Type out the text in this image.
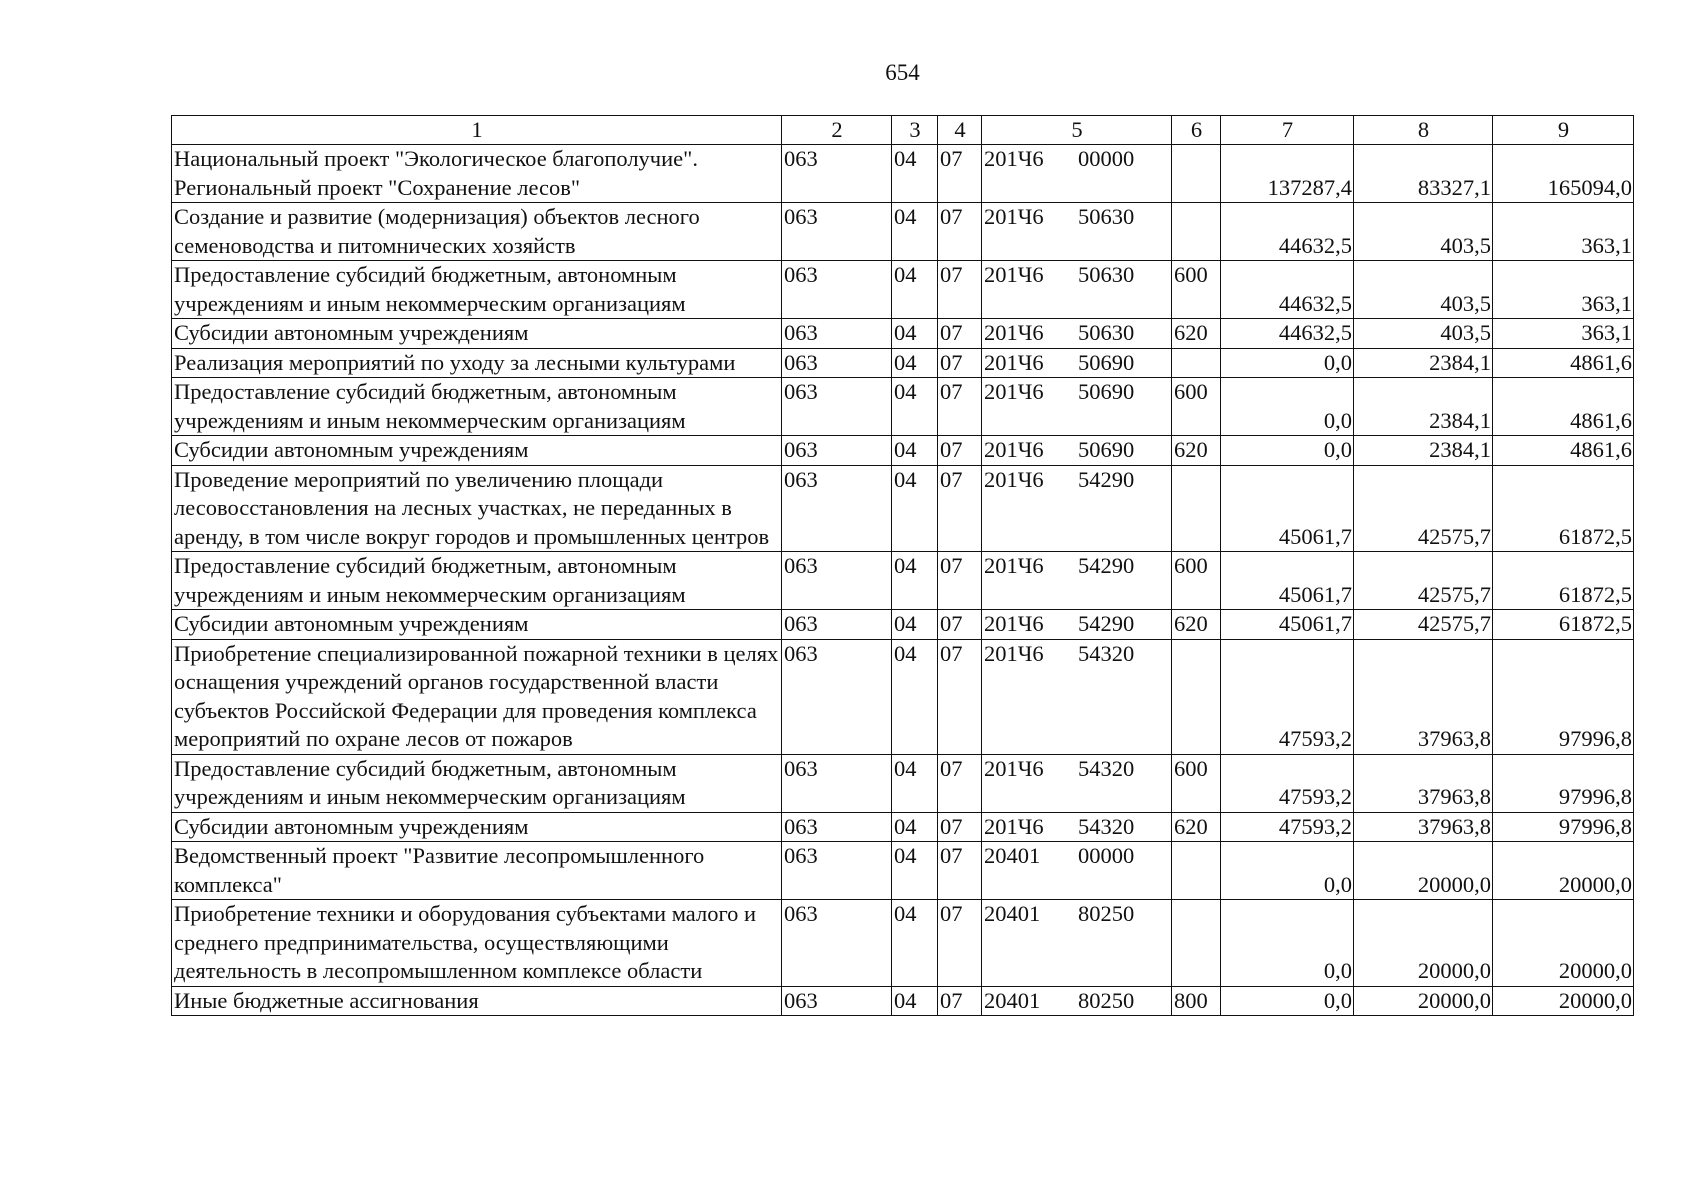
654
1	2	3	4	5	6	7	8	9
Национальный проект "Экологическое благополучие". Региональный проект "Сохранение лесов"	063	04	07	201Ч6 00000		137287,4	83327,1	165094,0
Создание и развитие (модернизация) объектов лесного семеноводства и питомнических хозяйств	063	04	07	201Ч6 50630		44632,5	403,5	363,1
Предоставление субсидий бюджетным, автономным учреждениям и иным некоммерческим организациям	063	04	07	201Ч6 50630	600	44632,5	403,5	363,1
Субсидии автономным учреждениям	063	04	07	201Ч6 50630	620	44632,5	403,5	363,1
Реализация мероприятий по уходу за лесными культурами	063	04	07	201Ч6 50690		0,0	2384,1	4861,6
Предоставление субсидий бюджетным, автономным учреждениям и иным некоммерческим организациям	063	04	07	201Ч6 50690	600	0,0	2384,1	4861,6
Субсидии автономным учреждениям	063	04	07	201Ч6 50690	620	0,0	2384,1	4861,6
Проведение мероприятий по увеличению площади лесовосстановления на лесных участках, не переданных в аренду, в том числе вокруг городов и промышленных центров	063	04	07	201Ч6 54290		45061,7	42575,7	61872,5
Предоставление субсидий бюджетным, автономным учреждениям и иным некоммерческим организациям	063	04	07	201Ч6 54290	600	45061,7	42575,7	61872,5
Субсидии автономным учреждениям	063	04	07	201Ч6 54290	620	45061,7	42575,7	61872,5
Приобретение специализированной пожарной техники в целях оснащения учреждений органов государственной власти субъектов Российской Федерации для проведения комплекса мероприятий по охране лесов от пожаров	063	04	07	201Ч6 54320		47593,2	37963,8	97996,8
Предоставление субсидий бюджетным, автономным учреждениям и иным некоммерческим организациям	063	04	07	201Ч6 54320	600	47593,2	37963,8	97996,8
Субсидии автономным учреждениям	063	04	07	201Ч6 54320	620	47593,2	37963,8	97996,8
Ведомственный проект "Развитие лесопромышленного комплекса"	063	04	07	20401 00000		0,0	20000,0	20000,0
Приобретение техники и оборудования субъектами малого и среднего предпринимательства, осуществляющими деятельность в лесопромышленном комплексе области	063	04	07	20401 80250		0,0	20000,0	20000,0
Иные бюджетные ассигнования	063	04	07	20401 80250	800	0,0	20000,0	20000,0
